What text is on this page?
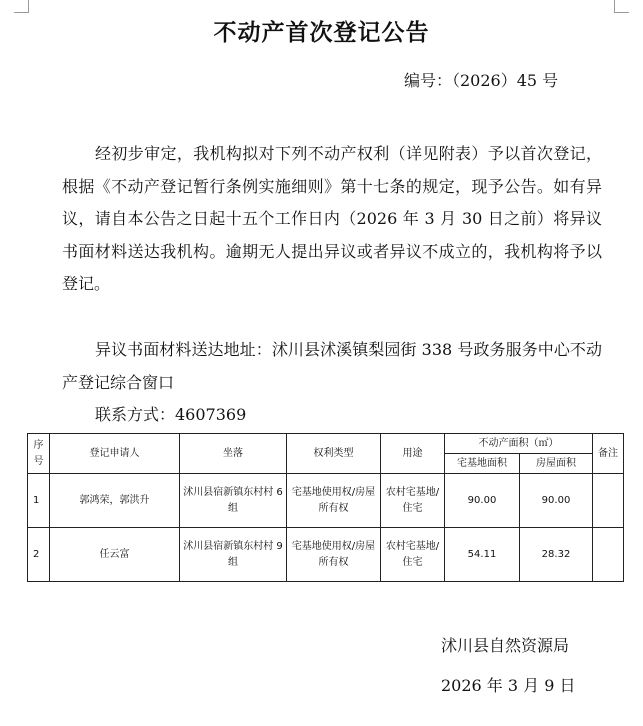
不动产首次登记公告
编号：（2026）45 号

经初步审定，我机构拟对下列不动产权利（详见附表）予以首次登记，根据《不动产登记暂行条例实施细则》第十七条的规定，现予公告。如有异议，请自本公告之日起十五个工作日内（2026 年 3 月 30 日之前）将异议书面材料送达我机构。逾期无人提出异议或者异议不成立的，我机构将予以登记。

异议书面材料送达地址：沭川县沭溪镇梨园街 338 号政务服务中心不动产登记综合窗口

联系方式：4607369

序号	登记申请人	坐落	权利类型	用途	不动产面积（㎡）		备注
					宅基地面积	房屋面积	
1	郭鸿荣，郭洪升	沭川县宿新镇东村村 6 组	宅基地使用权/房屋所有权	农村宅基地/住宅	90.00	90.00	
2	任云富	沭川县宿新镇东村村 9 组	宅基地使用权/房屋所有权	农村宅基地/住宅	54.11	28.32	
沭川县自然资源局
2026 年 3 月 9 日
